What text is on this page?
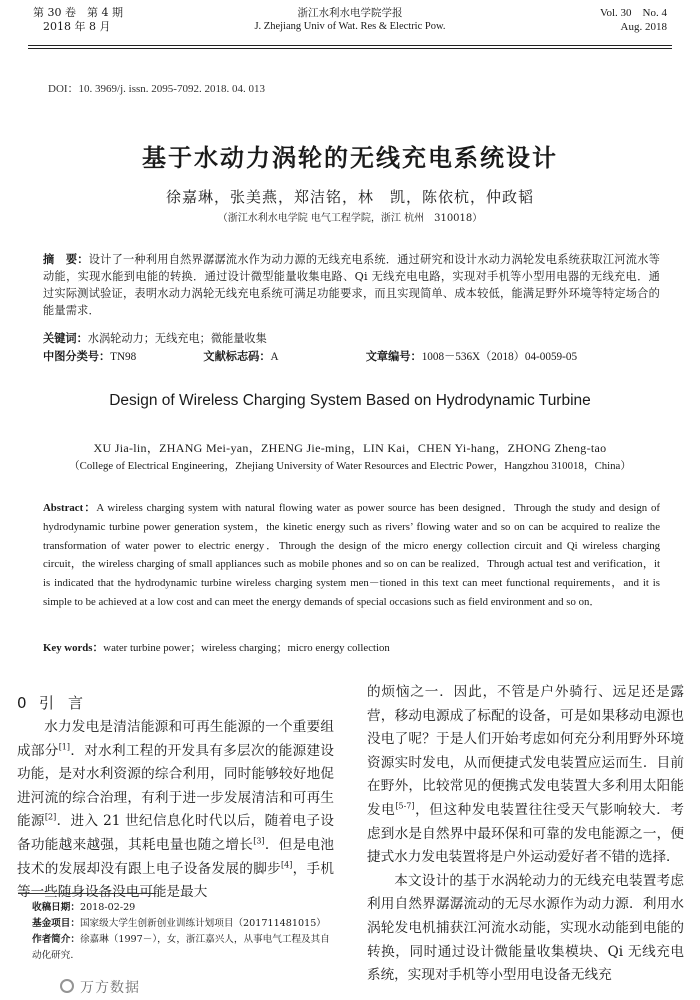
第 30 卷　第 4 期
2018 年 8 月
浙江水利水电学院学报
J. Zhejiang Univ of Wat. Res & Electric Pow.
Vol. 30　No. 4
Aug. 2018
DOI：10. 3969/j. issn. 2095-7092. 2018. 04. 013
基于水动力涡轮的无线充电系统设计
徐嘉琳，张美燕，郑洁铭，林　凯，陈依杭，仲政韬
（浙江水利水电学院 电气工程学院，浙江 杭州　310018）
摘　要：设计了一种利用自然界潺潺流水作为动力源的无线充电系统．通过研究和设计水动力涡轮发电系统获取江河流水等动能，实现水能到电能的转换．通过设计微型能量收集电路、Qi 无线充电电路，实现对手机等小型用电器的无线充电．通过实际测试验证，表明水动力涡轮无线充电系统可满足功能要求，而且实现简单、成本较低，能满足野外环境等特定场合的能量需求．
关键词：水涡轮动力；无线充电；微能量收集
中图分类号：TN98	文献标志码：A	文章编号：1008－536X（2018）04-0059-05
Design of Wireless Charging System Based on Hydrodynamic Turbine
XU Jia-lin，ZHANG Mei-yan，ZHENG Jie-ming，LIN Kai，CHEN Yi-hang，ZHONG Zheng-tao
（College of Electrical Engineering，Zhejiang University of Water Resources and Electric Power，Hangzhou 310018，China）
Abstract：A wireless charging system with natural flowing water as power source has been designed．Through the study and design of hydrodynamic turbine power generation system，the kinetic energy such as rivers’ flowing water and so on can be acquired to realize the transformation of water power to electric energy．Through the design of the micro energy collection circuit and Qi wireless charging circuit，the wireless charging of small appliances such as mobile phones and so on can be realized．Through actual test and verification，it is indicated that the hydrodynamic turbine wireless charging system men－tioned in this text can meet functional requirements，and it is simple to be achieved at a low cost and can meet the energy demands of special occasions such as field environment and so on．
Key words：water turbine power；wireless charging；micro energy collection
0 引言

水力发电是清洁能源和可再生能源的一个重要组成部分[1]．对水利工程的开发具有多层次的能源建设功能，是对水利资源的综合利用，同时能够较好地促进河流的综合治理，有利于进一步发展清洁和可再生能源[2]．进入 21 世纪信息化时代以后，随着电子设备功能越来越强，其耗电量也随之增长[3]．但是电池技术的发展却没有跟上电子设备发展的脚步[4]，手机等一些随身设备没电可能是最大

的烦恼之一．因此，不管是户外骑行、远足还是露营，移动电源成了标配的设备，可是如果移动电源也没电了呢？于是人们开始考虑如何充分利用野外环境资源实时发电，从而便捷式发电装置应运而生．目前在野外，比较常见的便携式发电装置大多利用太阳能发电[5-7]，但这种发电装置往往受天气影响较大．考虑到水是自然界中最环保和可靠的发电能源之一，便捷式水力发电装置将是户外运动爱好者不错的选择．

本文设计的基于水涡轮动力的无线充电装置考虑利用自然界潺潺流动的无尽水源作为动力源．利用水涡轮发电机捕获江河流水动能，实现水动能到电能的转换，同时通过设计微能量收集模块、Qi 无线充电系统，实现对手机等小型用电设备无线充

收稿日期：2018-02-29

基金项目：国家级大学生创新创业训练计划项目（201711481015）

作者简介：徐嘉琳（1997－），女，浙江嘉兴人，从事电气工程及其自动化研究．

万方数据
